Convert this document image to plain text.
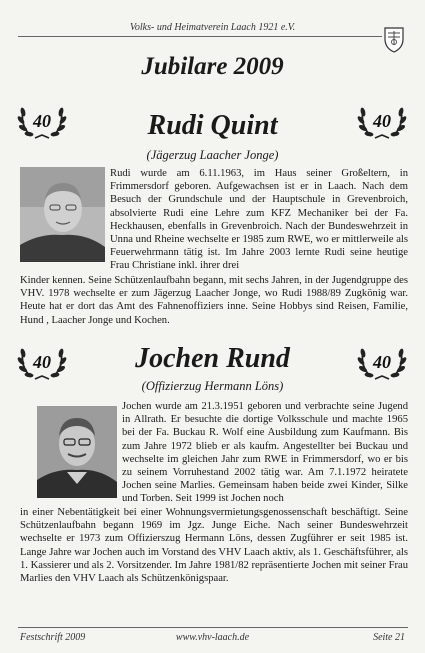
Volks- und Heimatverein Laach 1921 e.V.
Jubilare 2009
40	40
Rudi Quint
(Jägerzug Laacher Jonge)
Rudi wurde am 6.11.1963, im Haus seiner Großeltern, in Frimmersdorf geboren. Aufgewachsen ist er in Laach. Nach dem Besuch der Grundschule und der Hauptschule in Grevenbroich, absolvierte Rudi eine Lehre zum KFZ Mechaniker bei der Fa. Heckhausen, ebenfalls in Grevenbroich. Nach der Bundeswehrzeit in Unna und Rheine wechselte er 1985 zum RWE, wo er mittlerweile als Feuerwehrmann tätig ist. Im Jahre 2003 lernte Rudi seine heutige Frau Christiane inkl. ihrer drei
Kinder kennen. Seine Schützenlaufbahn begann, mit sechs Jahren, in der Jugendgruppe des VHV. 1978 wechselte er zum Jägerzug Laacher Jonge, wo Rudi 1988/89 Zugkönig war. Heute hat er dort das Amt des Fahnenoffiziers inne. Seine Hobbys sind Reisen, Familie, Hund , Laacher Jonge und Kochen.
40	40
Jochen Rund
(Offizierzug Hermann Löns)
Jochen wurde am 21.3.1951 geboren und verbrachte seine Jugend in Allrath. Er besuchte die dortige Volksschule und machte 1965 bei der Fa. Buckau R. Wolf eine Ausbildung zum Kaufmann. Bis zum Jahre 1972 blieb er als kaufm. Angestellter bei Buckau und wechselte im gleichen Jahr zum RWE in Frimmersdorf, wo er bis zu seinem Vorruhestand 2002 tätig war. Am 7.1.1972 heiratete Jochen seine Marlies. Gemeinsam haben beide zwei Kinder, Silke und Torben. Seit 1999 ist Jochen noch
in einer Nebentätigkeit bei einer Wohnungsvermietungsgenossenschaft beschäftigt. Seine Schützenlaufbahn begann 1969 im Jgz. Junge Eiche. Nach seiner Bundeswehrzeit wechselte er 1973 zum Offizierszug Hermann Löns, dessen Zugführer er seit 1985 ist. Lange Jahre war Jochen auch im Vorstand des VHV Laach aktiv, als 1. Geschäftsführer, als 1. Kassierer und als 2. Vorsitzender. Im Jahre 1981/82 repräsentierte Jochen mit seiner Frau Marlies den VHV Laach als Schützenkönigspaar.
Festschrift 2009	www.vhv-laach.de	Seite 21
